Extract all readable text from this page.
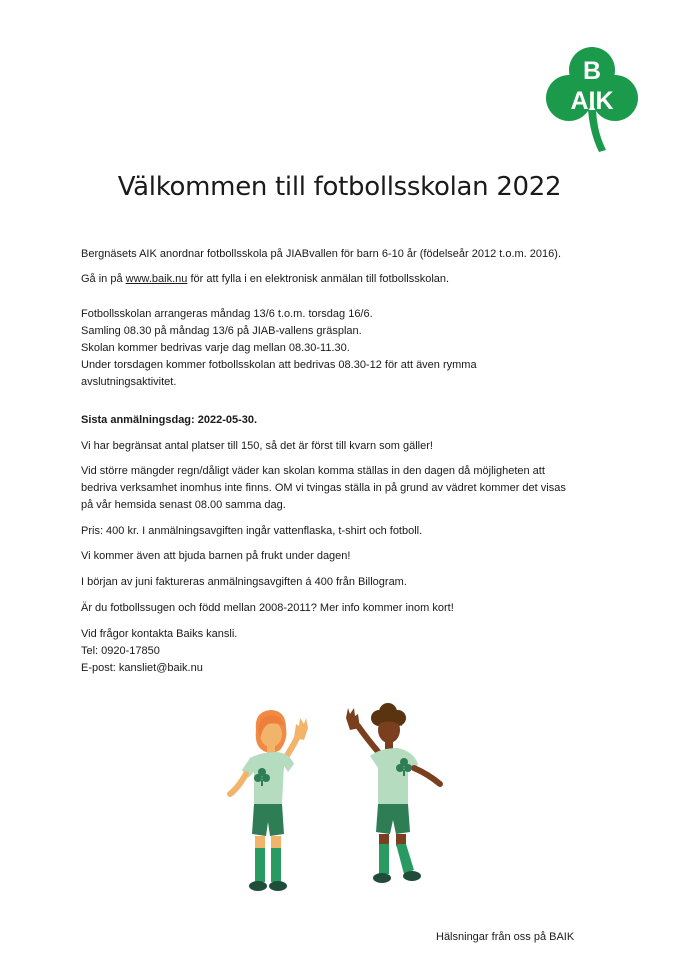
B
AIK
Välkommen till fotbollsskolan 2022

Bergnäsets AIK anordnar fotbollsskola på JIABvallen för barn 6-10 år (födelseår 2012 t.o.m. 2016).

Gå in på www.baik.nu för att fylla i en elektronisk anmälan till fotbollsskolan.

Fotbollsskolan arrangeras måndag 13/6 t.o.m. torsdag 16/6.

Samling 08.30 på måndag 13/6 på JIAB-vallens gräsplan.

Skolan kommer bedrivas varje dag mellan 08.30-11.30.

Under torsdagen kommer fotbollsskolan att bedrivas 08.30-12 för att även rymma

avslutningsaktivitet.

Sista anmälningsdag: 2022-05-30.
Vi har begränsat antal platser till 150, så det är först till kvarn som gäller!

Vid större mängder regn/dåligt väder kan skolan komma ställas in den dagen då möjligheten att

bedriva verksamhet inomhus inte finns. OM vi tvingas ställa in på grund av vädret kommer det visas

på vår hemsida senast 08.00 samma dag.

Pris: 400 kr. I anmälningsavgiften ingår vattenflaska, t-shirt och fotboll.
Vi kommer även att bjuda barnen på frukt under dagen!
I början av juni faktureras anmälningsavgiften á 400 från Billogram.
Är du fotbollssugen och född mellan 2008-2011? Mer info kommer inom kort!

Vid frågor kontakta Baiks kansli.

Tel: 0920-17850

E-post: kansliet@baik.nu

Hälsningar från oss på BAIK
